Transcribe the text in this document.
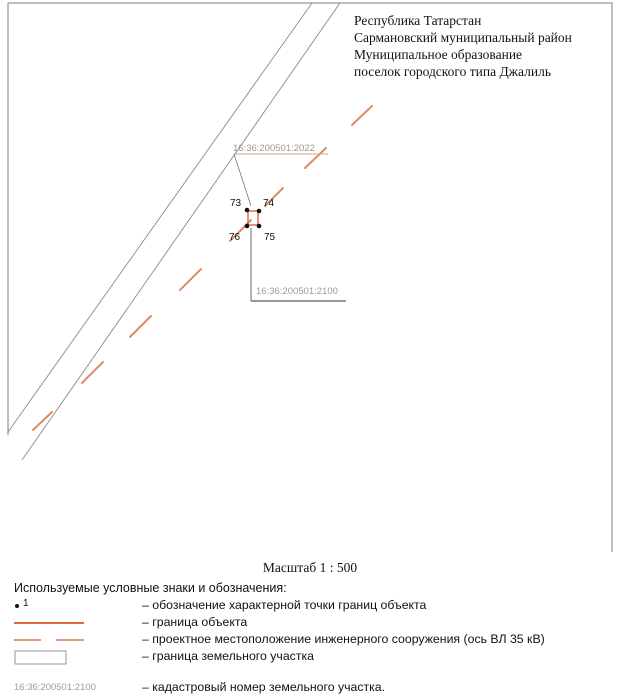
16:36:200501:2022
16:36:200501:2100
73 74
75
76
Республика Татарстан
Сармановский муниципальный район
Муниципальное образование
поселок городского типа Джалиль
Масштаб 1 : 500
Используемые условные знаки и обозначения:
1	– обозначение характерной точки границ объекта
– граница объекта
– проектное местоположение инженерного сооружения (ось ВЛ 35 кВ)
– граница земельного участка
16:36:200501:2100	– кадастровый номер земельного участка.
